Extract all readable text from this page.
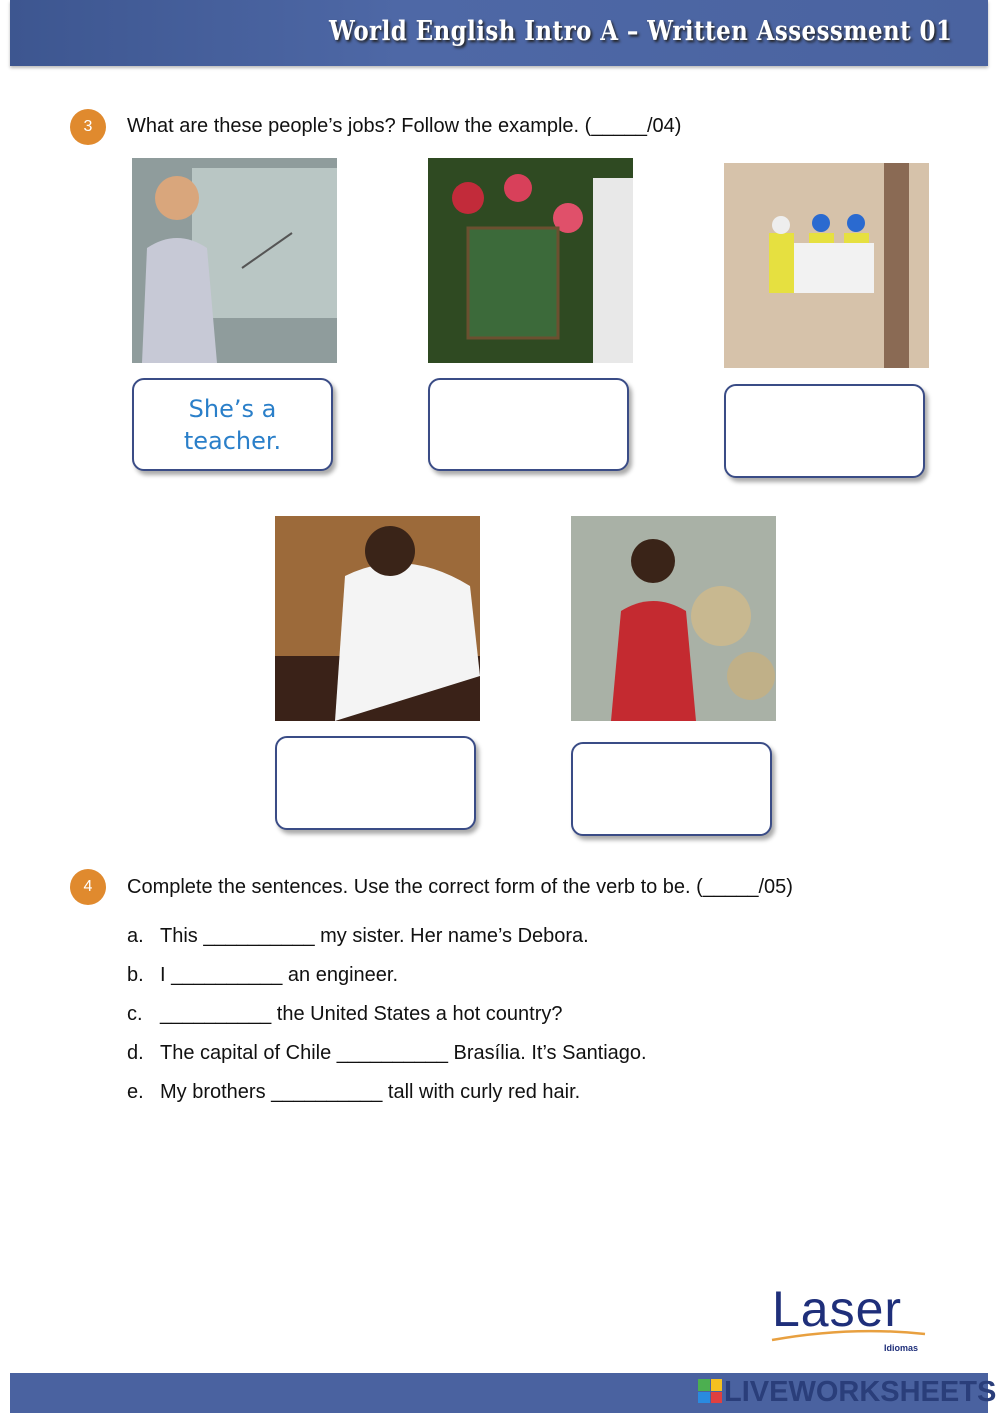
World English Intro A – Written Assessment 01
3	What are these people’s jobs? Follow the example. (_____/04)
She’s a teacher.
4	Complete the sentences. Use the correct form of the verb to be. (_____/05)
a. This __________ my sister. Her name’s Debora.
b. I __________ an engineer.
c. __________ the United States a hot country?
d. The capital of Chile __________ Brasília. It’s Santiago.
e. My brothers __________ tall with curly red hair.
Laser
Idiomas
LIVEWORKSHEETS
